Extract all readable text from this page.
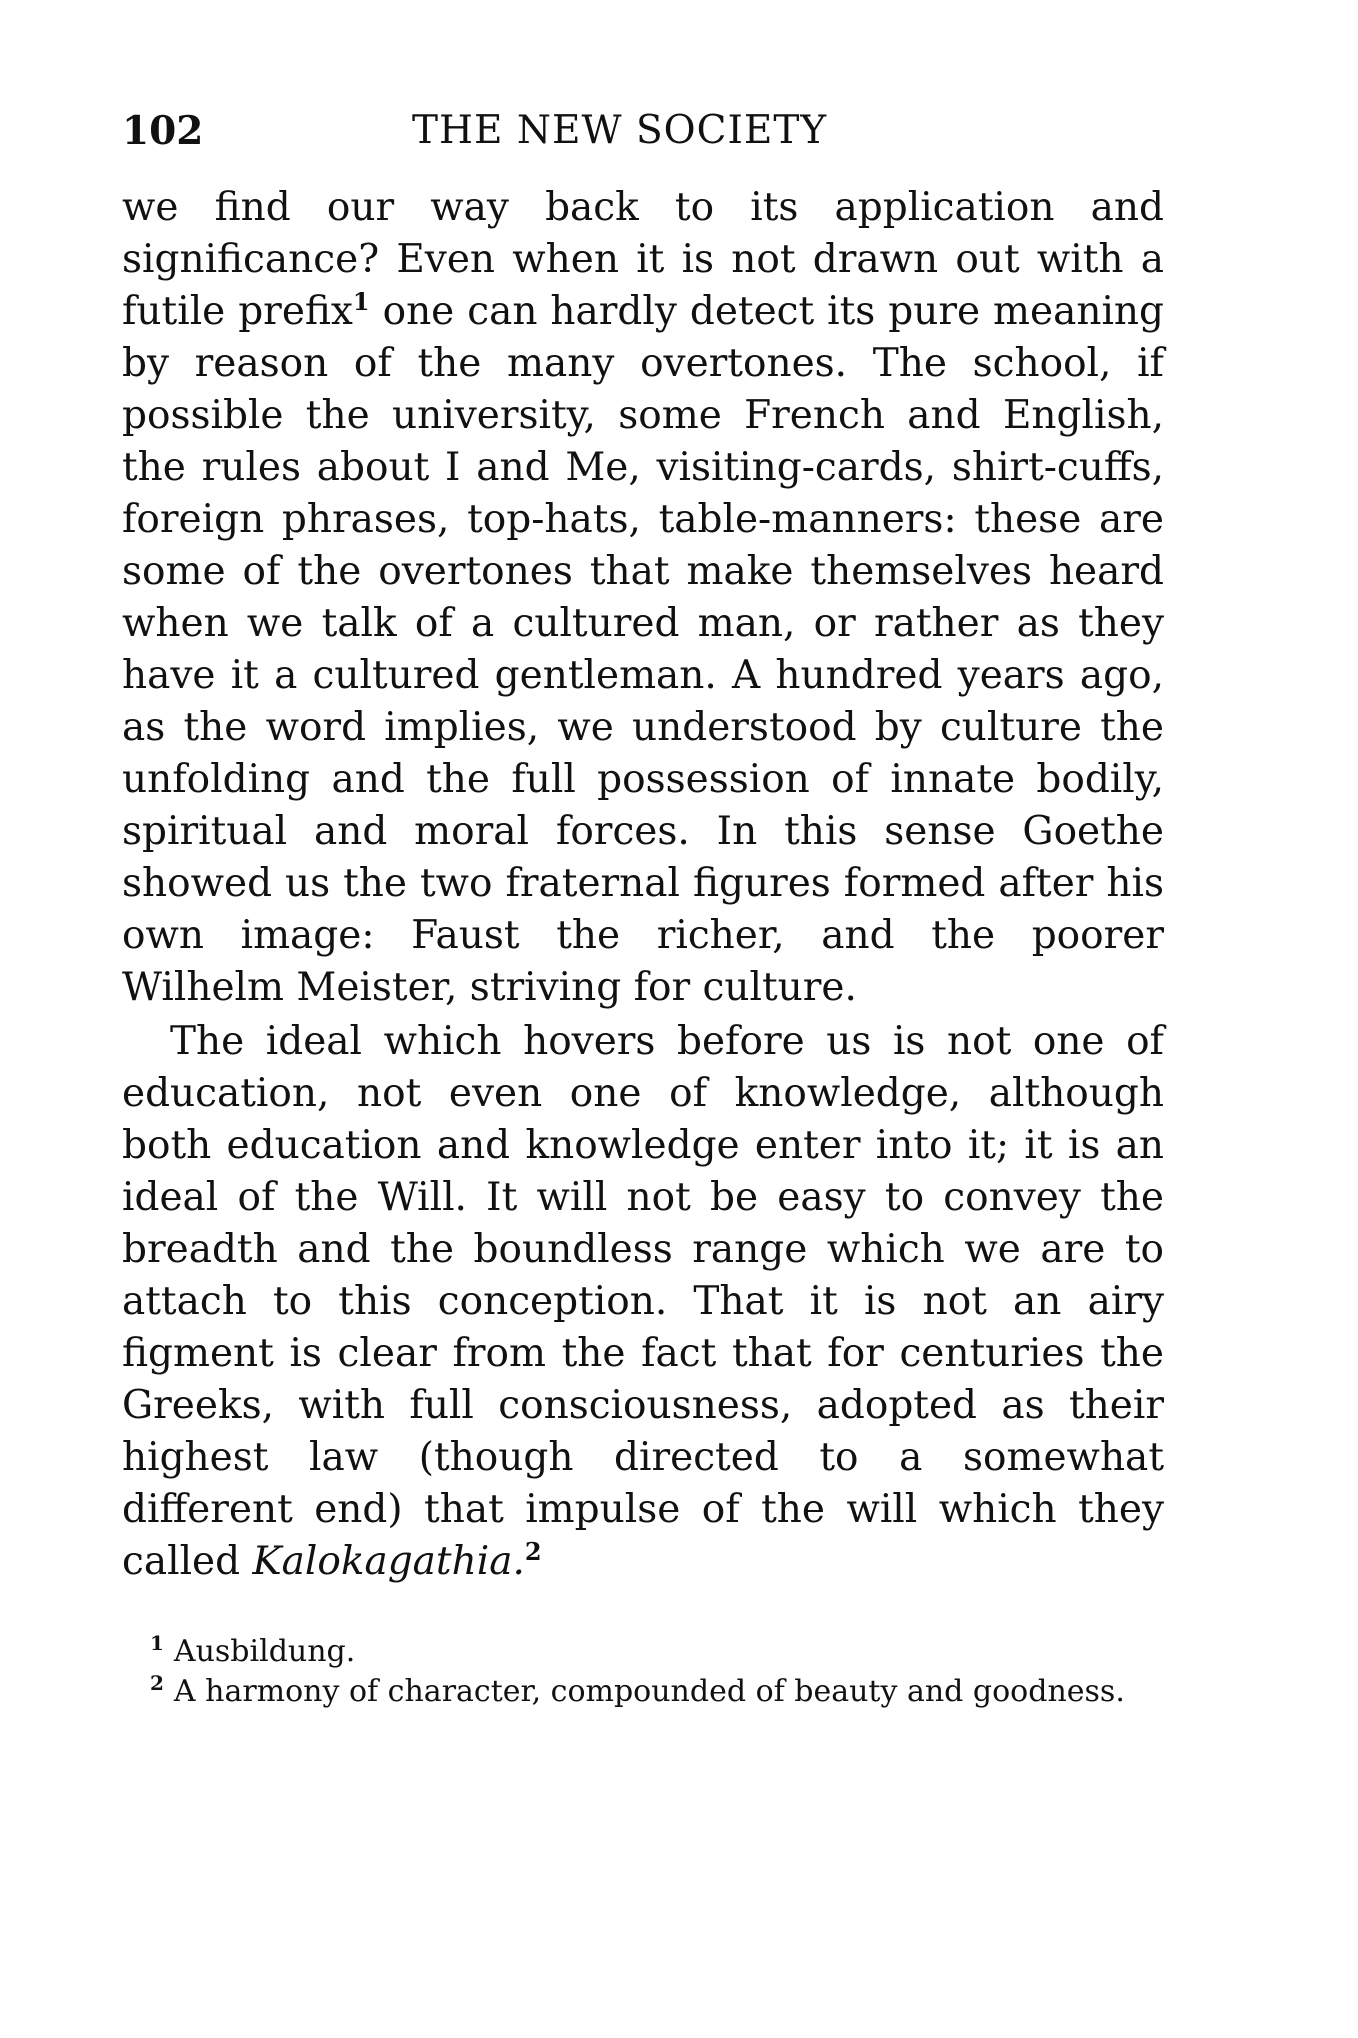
102	THE NEW SOCIETY

we find our way back to its application and significance? Even when it is not drawn out with a futile prefix$^1$ one can hardly detect its pure meaning by reason of the many overtones. The school, if possible the university, some French and English, the rules about I and Me, visiting-cards, shirt-cuffs, foreign phrases, top-hats, table-manners: these are some of the overtones that make themselves heard when we talk of a cultured man, or rather as they have it a cultured gentleman. A hundred years ago, as the word implies, we understood by culture the unfolding and the full possession of innate bodily, spiritual and moral forces. In this sense Goethe showed us the two fraternal figures formed after his own image: Faust the richer, and the poorer Wilhelm Meister, striving for culture.

The ideal which hovers before us is not one of education, not even one of knowledge, although both education and knowledge enter into it; it is an ideal of the Will. It will not be easy to convey the breadth and the boundless range which we are to attach to this conception. That it is not an airy figment is clear from the fact that for centuries the Greeks, with full consciousness, adopted as their highest law (though directed to a somewhat different end) that impulse of the will which they called Kalokagathia.$^2$

$^1$ Ausbildung.

$^2$ A harmony of character, compounded of beauty and goodness.
